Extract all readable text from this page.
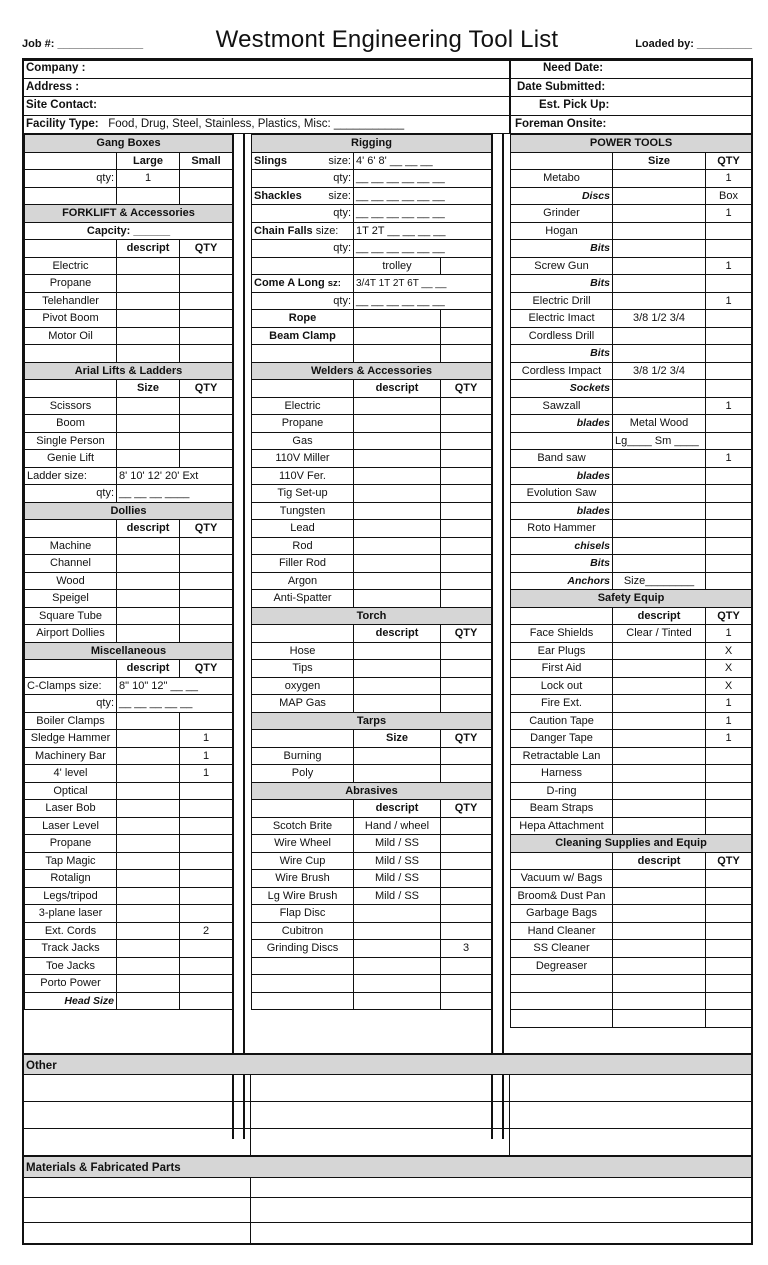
Job #: ______________	Westmont Engineering Tool List	Loaded by: _________
Company :	Need Date:
Address :	Date Submitted:
Site Contact:	Est. Pick Up:
Facility Type: Food, Drug, Steel, Stainless, Plastics, Misc: ___________	Foreman Onsite:
Gang Boxes		
	Large	Small
qty:	1	

FORKLIFT & Accessories		
Capcity: ______		
	descript	QTY
Electric		
Propane		
Telehandler		
Pivot Boom		
Motor Oil		

Arial Lifts & Ladders		
	Size	QTY
Scissors		
Boom		
Single Person		
Genie Lift		
Ladder size:	8' 10' 12' 20' Ext	
qty:	__ __ __ ____	
Dollies		
	descript	QTY
Machine		
Channel		
Wood		
Speigel		
Square Tube		
Airport Dollies		
Miscellaneous		
	descript	QTY
C-Clamps size:	8" 10" 12" __ __	
qty:	__ __ __ __ __	
Boiler Clamps		
Sledge Hammer		1
Machinery Bar		1
4' level		1
Optical		
Laser Bob		
Laser Level		
Propane		
Tap Magic		
Rotalign		
Legs/tripod		
3-plane laser		
Ext. Cords		2
Track Jacks		
Toe Jacks		
Porto Power		
Head Size		
Rigging		
Slings size:	4' 6' 8' __ __ __	
qty:	__ __ __ __ __ __	
Shackles size:	__ __ __ __ __ __	
qty:	__ __ __ __ __ __	
Chain Falls size:	1T 2T __ __ __ __	
qty:	__ __ __ __ __ __	
	trolley	
Come A Long sz:	3/4T 1T 2T 6T __ __	
qty:	__ __ __ __ __ __	
Rope		
Beam Clamp		

Welders & Accessories		
	descript	QTY
Electric		
Propane		
Gas		
110V Miller		
110V Fer.		
Tig Set-up		
Tungsten		
Lead		
Rod		
Filler Rod		
Argon		
Anti-Spatter		
Torch		
	descript	QTY
Hose		
Tips		
oxygen		
MAP Gas		
Tarps		
	Size	QTY
Burning		
Poly		
Abrasives		
	descript	QTY
Scotch Brite	Hand / wheel	
Wire Wheel	Mild / SS	
Wire Cup	Mild / SS	
Wire Brush	Mild / SS	
Lg Wire Brush	Mild / SS	
Flap Disc		
Cubitron		
Grinding Discs		3

POWER TOOLS		
	Size	QTY
Metabo		1
Discs		Box
Grinder		1
Hogan		
Bits		
Screw Gun		1
Bits		
Electric Drill		1
Electric Imact	3/8 1/2 3/4	
Cordless Drill		
Bits		
Cordless Impact	3/8 1/2 3/4	
Sockets		
Sawzall		1
blades	Metal Wood	
	Lg____ Sm ____	
Band saw		1
blades		
Evolution Saw		
blades		
Roto Hammer		
chisels		
Bits		
Anchors	Size________	
Safety Equip		
	descript	QTY
Face Shields	Clear / Tinted	1
Ear Plugs		X
First Aid		X
Lock out		X
Fire Ext.		1
Caution Tape		1
Danger Tape		1
Retractable Lan		
Harness		
D-ring		
Beam Straps		
Hepa Attachment		
Cleaning Supplies and Equip		
	descript	QTY
Vacuum w/ Bags		
Broom& Dust Pan		
Garbage Bags		
Hand Cleaner		
SS Cleaner		
Degreaser		

Other
Materials & Fabricated Parts
